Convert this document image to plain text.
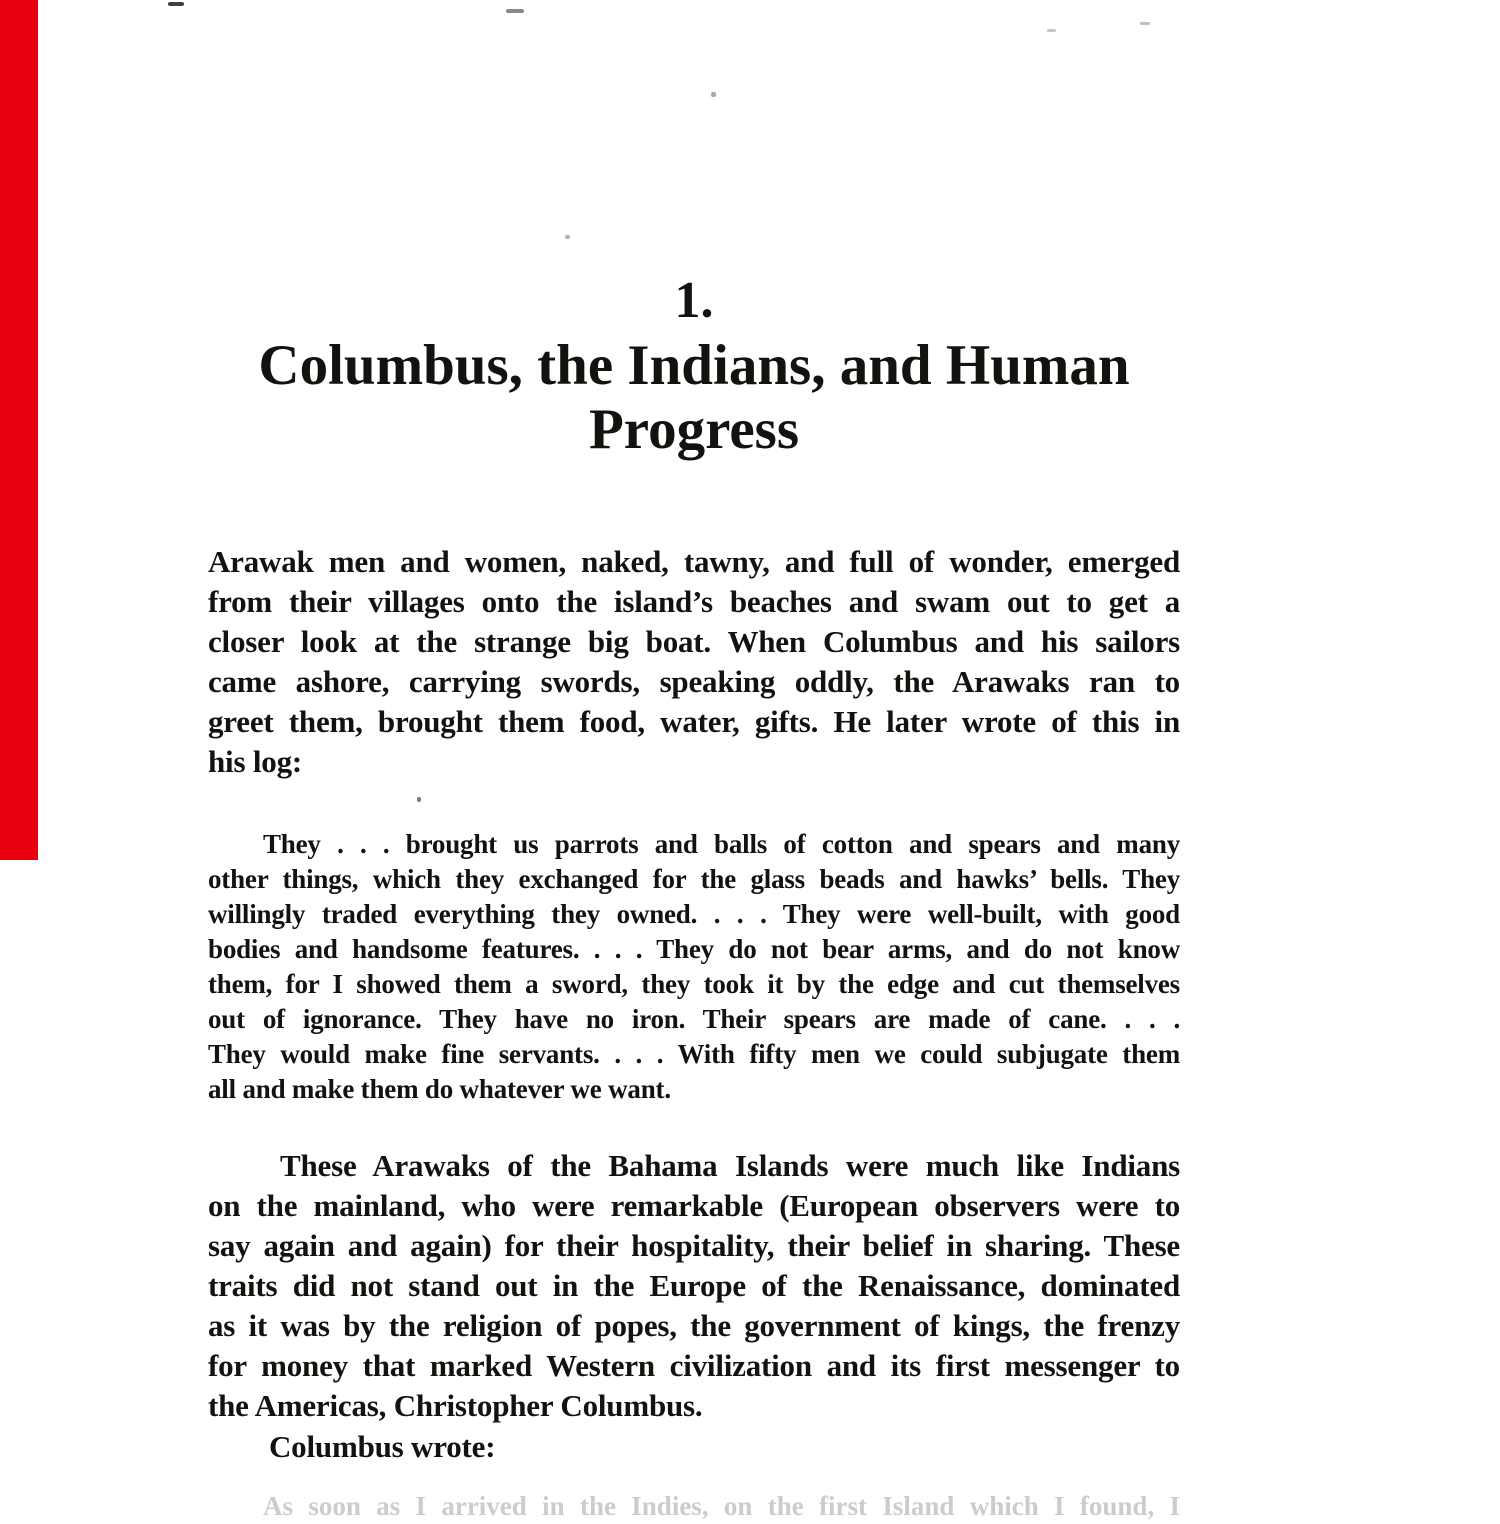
1.
Columbus, the Indians, and Human
Progress
Arawak men and women, naked, tawny, and full of wonder, emerged
from their villages onto the island’s beaches and swam out to get a
closer look at the strange big boat. When Columbus and his sailors
came ashore, carrying swords, speaking oddly, the Arawaks ran to
greet them, brought them food, water, gifts. He later wrote of this in
his log:
They . . . brought us parrots and balls of cotton and spears and many
other things, which they exchanged for the glass beads and hawks’ bells. They
willingly traded everything they owned. . . . They were well-built, with good
bodies and handsome features. . . . They do not bear arms, and do not know
them, for I showed them a sword, they took it by the edge and cut themselves
out of ignorance. They have no iron. Their spears are made of cane. . . .
They would make fine servants. . . . With fifty men we could subjugate them
all and make them do whatever we want.
These Arawaks of the Bahama Islands were much like Indians
on the mainland, who were remarkable (European observers were to
say again and again) for their hospitality, their belief in sharing. These
traits did not stand out in the Europe of the Renaissance, dominated
as it was by the religion of popes, the government of kings, the frenzy
for money that marked Western civilization and its first messenger to
the Americas, Christopher Columbus.
Columbus wrote:
As soon as I arrived in the Indies, on the first Island which I found, I
